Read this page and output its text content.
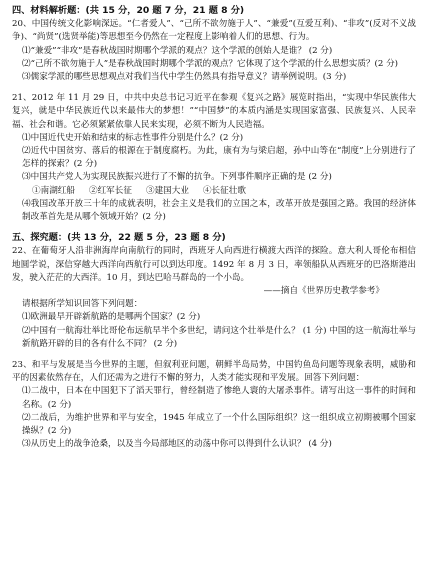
四、材料解析题：(共 15 分，20 题 7 分，21 题 8 分)

20、中国传统文化影响深远。“仁者爱人”、“己所不欲勿施于人”、“兼爱”(互爱互利)、“非攻”(反对不义战争)、“尚贤”(选贤举能)等思想至今仍然在一定程度上影响着人们的思想、行为。

⑴“兼爱”“非攻”是春秋战国时期哪个学派的观点？这个学派的创始人是谁？ (2 分)

⑵“己所不欲勿施于人”是春秋战国时期哪个学派的观点？它体现了这个学派的什么思想实质？(2 分)

⑶儒家学派的哪些思想观点对我们当代中学生仍然具有指导意义？请举例说明。(3 分)

21、2012 年 11 月 29 日，中共中央总书记习近平在参观《复兴之路》展览时指出，“实现中华民族伟大复兴，就是中华民族近代以来最伟大的梦想！”“中国梦”的本质内涵是实现国家富强、民族复兴、人民幸福、社会和谐。它必须紧紧依靠人民来实现，必须不断为人民造福。

⑴中国近代史开始和结束的标志性事件分别是什么？(2 分)

⑵近代中国贫穷、落后的根源在于制度腐朽。为此，康有为与梁启超，孙中山等在“制度”上分别进行了怎样的探索？(2 分)

⑶中国共产党人为实现民族振兴进行了不懈的抗争。下列事件顺序正确的是 (2 分)

①南湖红船 ②红军长征 ③建国大业 ④长征壮歌

⑷我国改革开放三十年的成就表明，社会主义是我们的立国之本，改革开放是强国之路。我国的经济体制改革首先是从哪个领域开始？(2 分)

五、探究题：(共 13 分，22 题 5 分，23 题 8 分)

22、在葡萄牙人沿非洲海岸向南航行的同时，西班牙人向西进行横渡大西洋的探险。意大利人哥伦布相信地圆学说，深信穿越大西洋向西航行可以到达印度。1492 年 8 月 3 日，率领船队从西班牙的巴洛斯港出发，驶入茫茫的大西洋。10 月，到达巴哈马群岛的一个小岛。

——摘自《世界历史教学参考》

请根据所学知识回答下列问题：

⑴欧洲最早开辟新航路的是哪两个国家？(2 分)

⑵中国有一航海壮举比哥伦布远航早半个多世纪，请问这个壮举是什么？ (1 分) 中国的这一航海壮举与新航路开辟的目的各有什么不同？ (2 分)

23、和平与发展是当今世界的主题，但叙利亚问题，朝鲜半岛局势，中国钓鱼岛问题等现象表明，威胁和平的因素依然存在，人们还需为之进行不懈的努力，人类才能实现和平发展。回答下列问题：

⑴二战中，日本在中国犯下了滔天罪行，曾经制造了惨绝人寰的大屠杀事件。请写出这一事件的时间和名称。(2 分)

⑵二战后，为维护世界和平与安全，1945 年成立了一个什么国际组织？这一组织成立初期被哪个国家操纵？(2 分)

⑶从历史上的战争沧桑，以及当今局部地区的动荡中你可以得到什么认识？ (4 分)
